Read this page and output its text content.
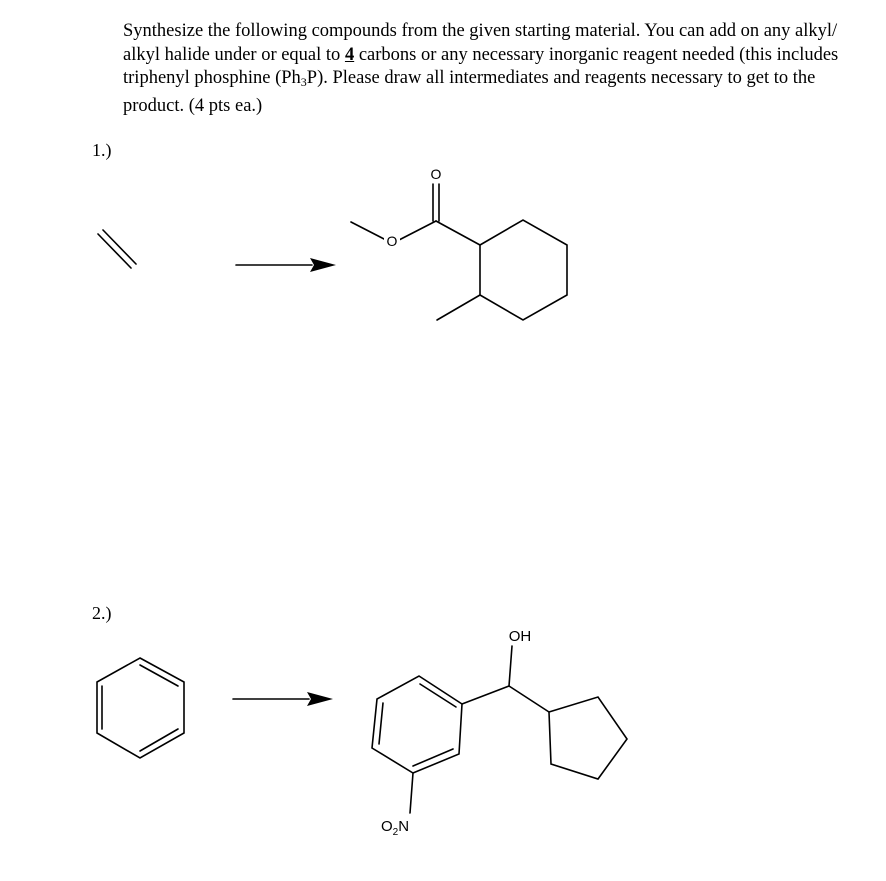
Synthesize the following compounds from the given starting material. You can add on any alkyl/ alkyl halide under or equal to 4 carbons or any necessary inorganic reagent needed (this includes triphenyl phosphine $(Ph_3P)$. Please draw all intermediates and reagents necessary to get to the product. (4 pts ea.)

1.)
2.)
O
O
OH
$O_2N$
